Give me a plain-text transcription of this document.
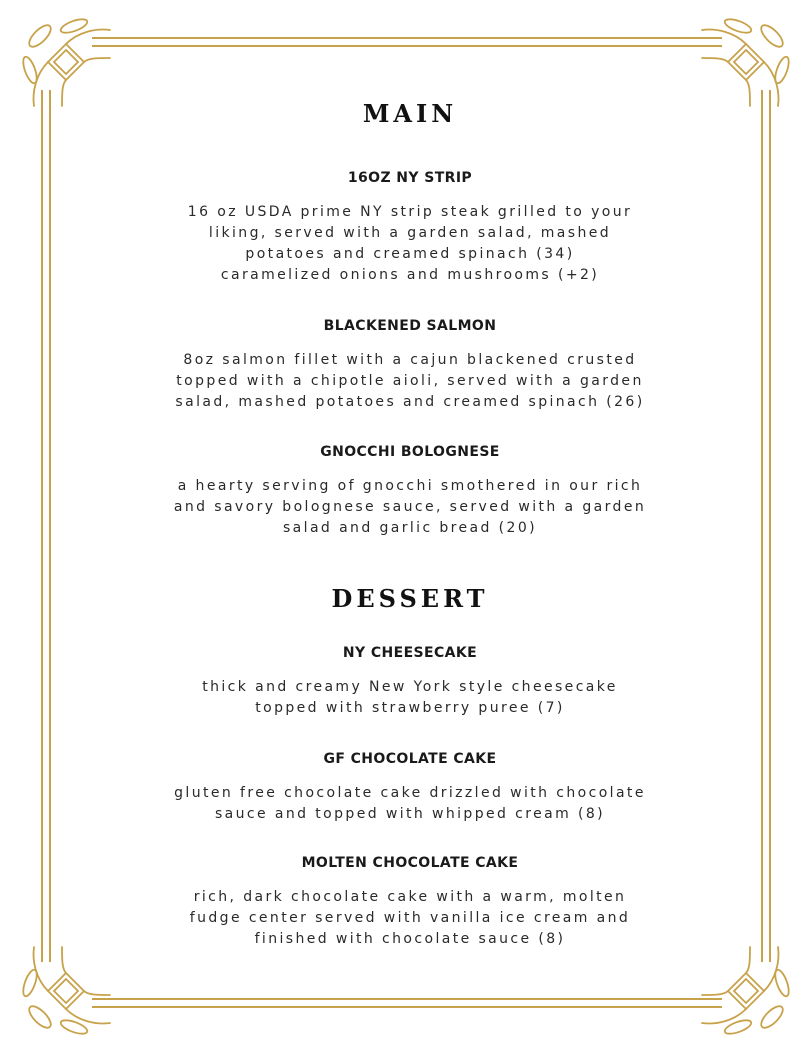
MAIN
16OZ NY STRIP

16 oz USDA prime NY strip steak grilled to your
liking, served with a garden salad, mashed
potatoes and creamed spinach (34)
caramelized onions and mushrooms (+2)

BLACKENED SALMON

8oz salmon fillet with a cajun blackened crusted
topped with a chipotle aioli, served with a garden
salad, mashed potatoes and creamed spinach (26)

GNOCCHI BOLOGNESE

a hearty serving of gnocchi smothered in our rich
and savory bolognese sauce, served with a garden
salad and garlic bread (20)

DESSERT
NY CHEESECAKE

thick and creamy New York style cheesecake
topped with strawberry puree (7)

GF CHOCOLATE CAKE

gluten free chocolate cake drizzled with chocolate
sauce and topped with whipped cream (8)

MOLTEN CHOCOLATE CAKE

rich, dark chocolate cake with a warm, molten
fudge center served with vanilla ice cream and
finished with chocolate sauce (8)
